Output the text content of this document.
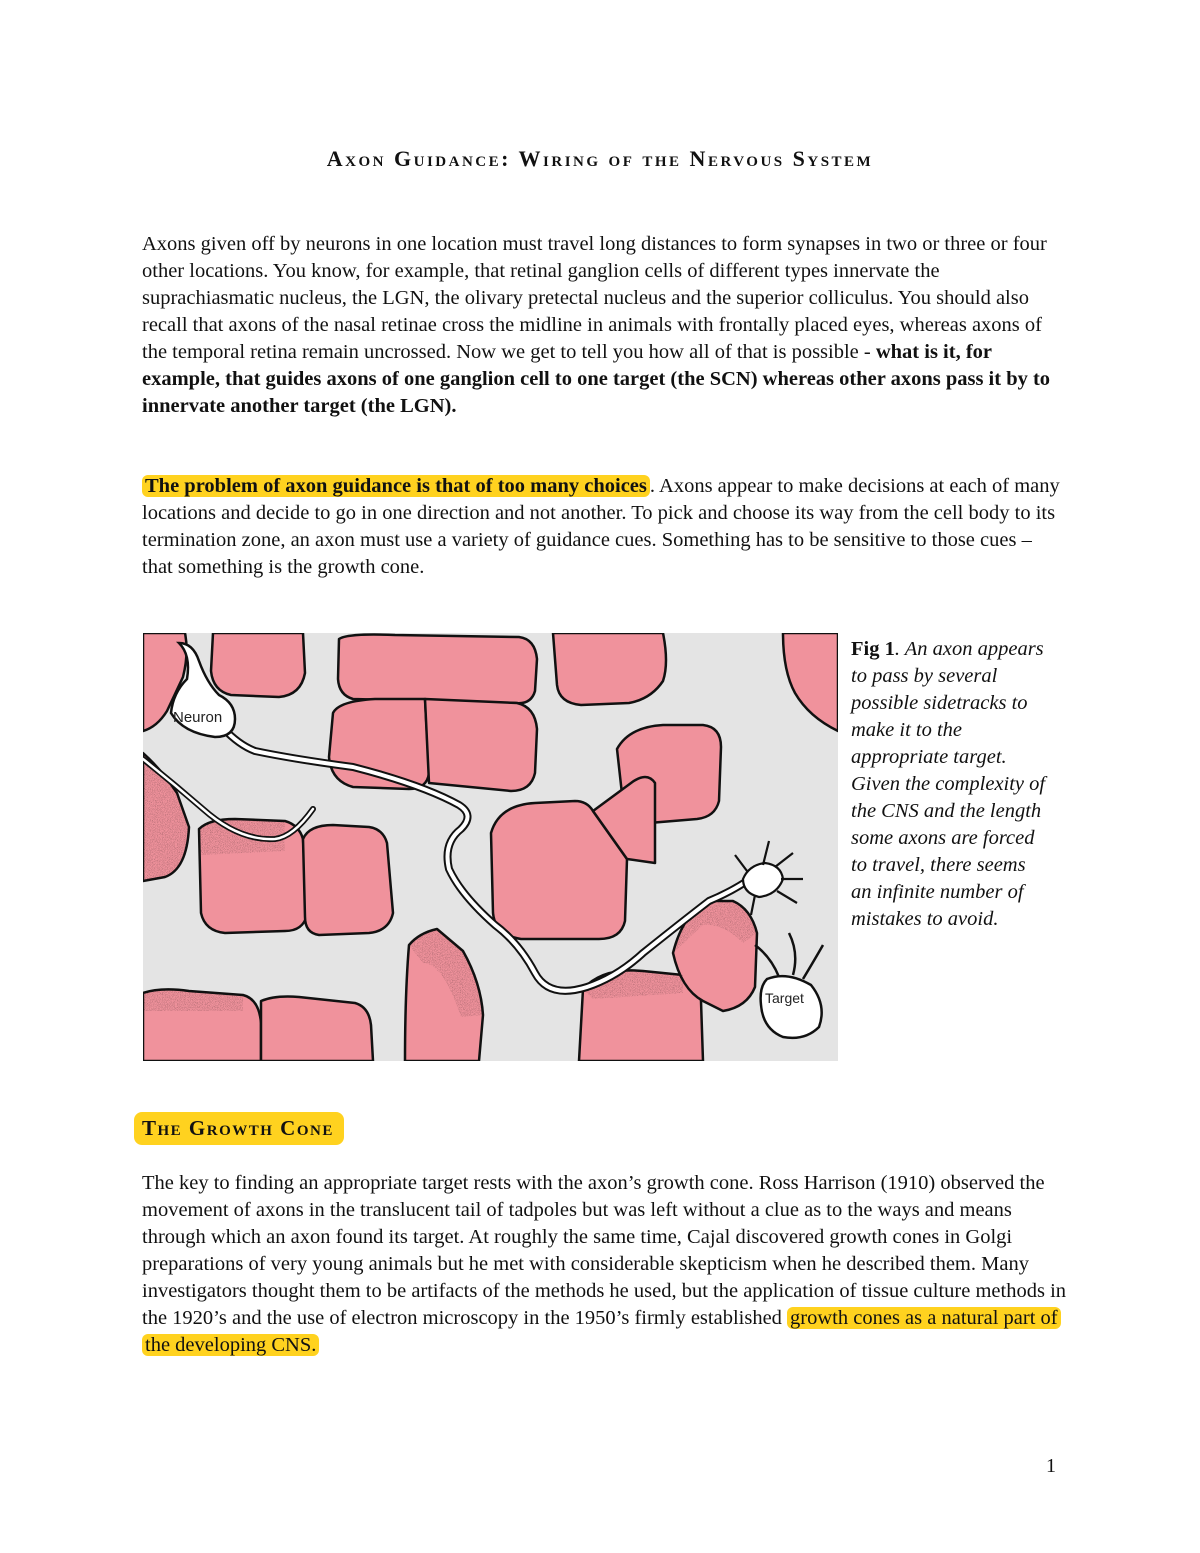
Axon Guidance: Wiring of the Nervous System

Axons given off by neurons in one location must travel long distances to form synapses in two or three or four other locations. You know, for example, that retinal ganglion cells of different types innervate the suprachiasmatic nucleus, the LGN, the olivary pretectal nucleus and the superior colliculus. You should also recall that axons of the nasal retinae cross the midline in animals with frontally placed eyes, whereas axons of the temporal retina remain uncrossed. Now we get to tell you how all of that is possible - what is it, for example, that guides axons of one ganglion cell to one target (the SCN) whereas other axons pass it by to innervate another target (the LGN).

The problem of axon guidance is that of too many choices . Axons appear to make decisions at each of many locations and decide to go in one direction and not another. To pick and choose its way from the cell body to its termination zone, an axon must use a variety of guidance cues. Something has to be sensitive to those cues – that something is the growth cone.

Neuron
Target
Fig 1. An axon appears to pass by several possible sidetracks to make it to the appropriate target. Given the complexity of the CNS and the length some axons are forced to travel, there seems an infinite number of mistakes to avoid.
The Growth Cone

The key to finding an appropriate target rests with the axon’s growth cone. Ross Harrison (1910) observed the movement of axons in the translucent tail of tadpoles but was left without a clue as to the ways and means through which an axon found its target. At roughly the same time, Cajal discovered growth cones in Golgi preparations of very young animals but he met with considerable skepticism when he described them. Many investigators thought them to be artifacts of the methods he used, but the application of tissue culture methods in the 1920’s and the use of electron microscopy in the 1950’s firmly established growth cones as a natural part of the developing CNS.

1
